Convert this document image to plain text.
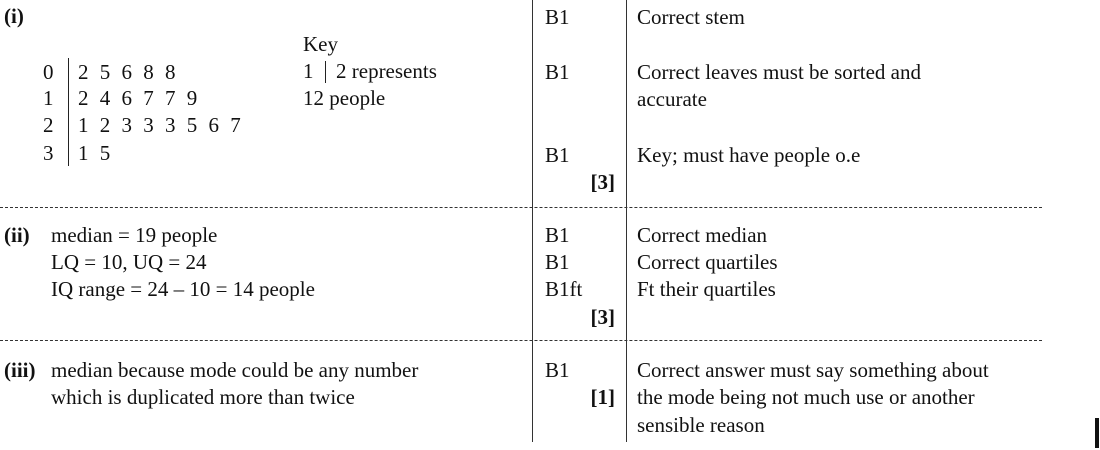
(i)
0 2 5 6 8 8
1 2 4 6 7 7 9
2 1 2 3 3 3 5 6 7
3 1 5
Key
1 2 represents
12 people
B1
B1
B1
[3]
Correct stem
Correct leaves must be sorted and
accurate
Key; must have people o.e
(ii) median = 19 people
LQ = 10, UQ = 24
IQ range = 24 – 10 = 14 people
B1
B1
B1ft
[3]
Correct median
Correct quartiles
Ft their quartiles
(iii) median because mode could be any number
which is duplicated more than twice
B1
[1]
Correct answer must say something about
the mode being not much use or another
sensible reason
